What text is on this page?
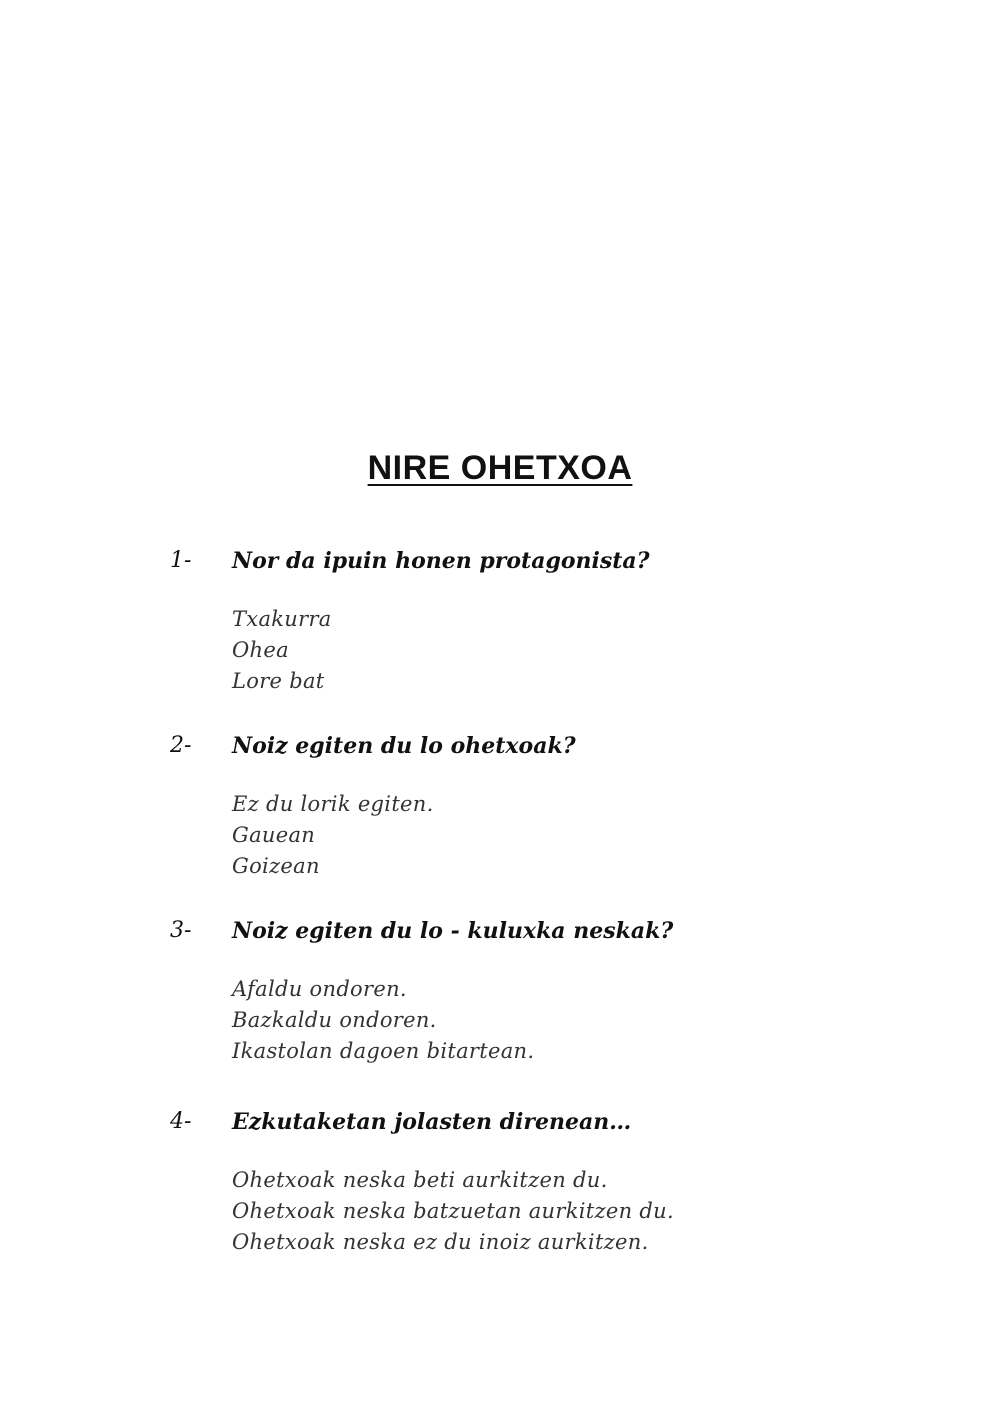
NIRE OHETXOA
1- Nor da ipuin honen protagonista?
Txakurra
Ohea
Lore bat
2- Noiz egiten du lo ohetxoak?
Ez du lorik egiten.
Gauean
Goizean
3- Noiz egiten du lo - kuluxka neskak?
Afaldu ondoren.
Bazkaldu ondoren.
Ikastolan dagoen bitartean.
4- Ezkutaketan jolasten direnean…
Ohetxoak neska beti aurkitzen du.
Ohetxoak neska batzuetan aurkitzen du.
Ohetxoak neska ez du inoiz aurkitzen.
